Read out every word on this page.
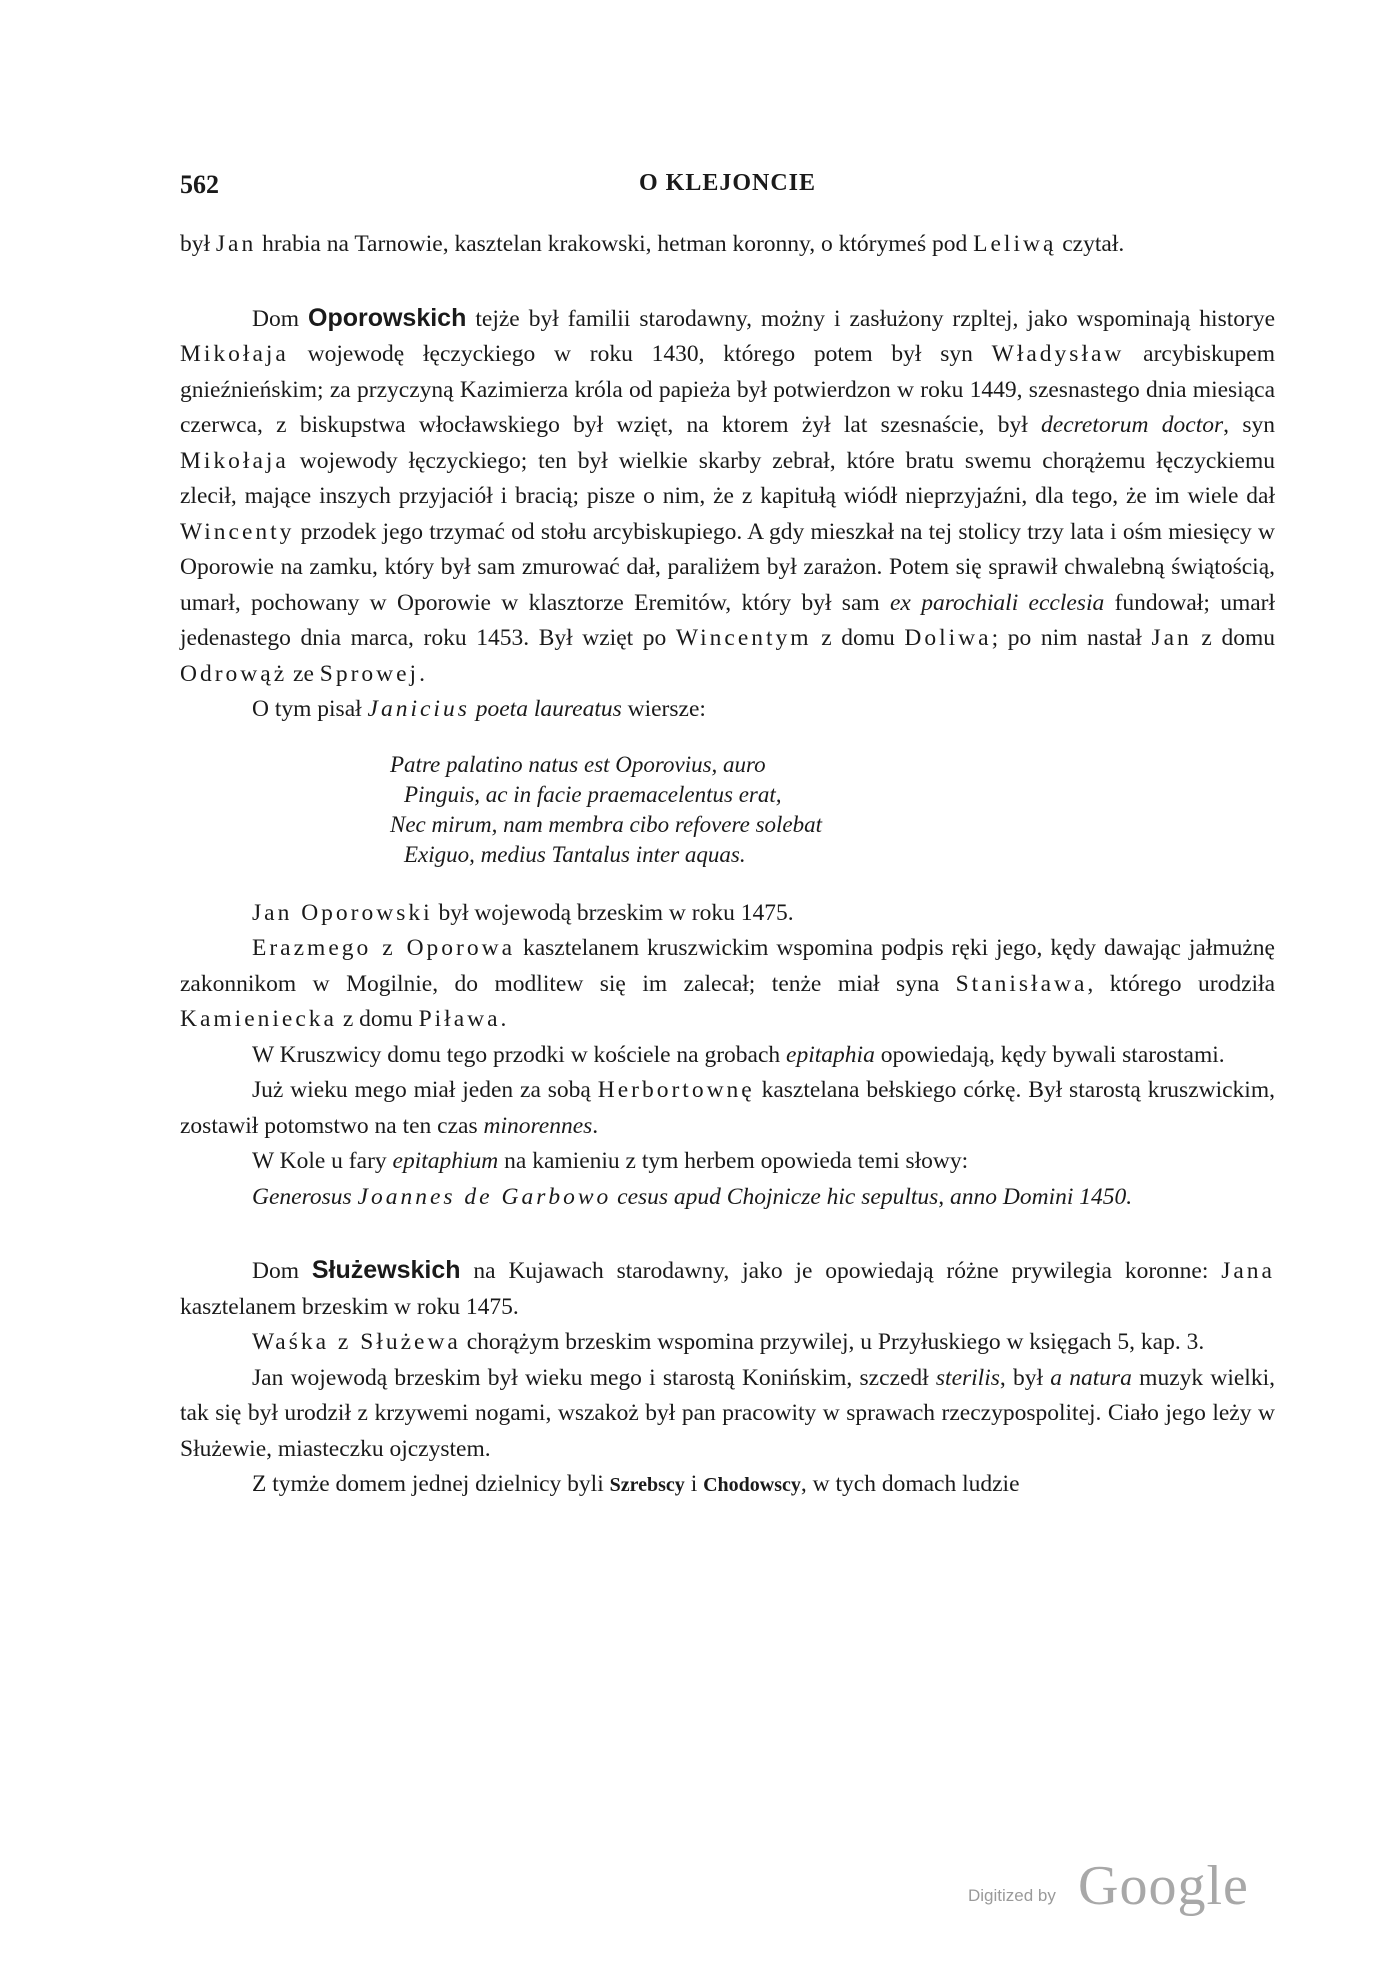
562	O KLEJONCIE

był Jan hrabia na Tarnowie, kasztelan krakowski, hetman koronny, o którymeś pod Leliwą czytał.

Dom Oporowskich tejże był familii starodawny, możny i zasłużony rzpltej, jako wspominają historye Mikołaja wojewodę łęczyckiego w roku 1430, którego potem był syn Władysław arcybiskupem gnieźnieńskim; za przyczyną Kazimierza króla od papieża był potwierdzon w roku 1449, szesnastego dnia miesiąca czerwca, z biskupstwa włocławskiego był wzięt, na ktorem żył lat szesnaście, był decretorum doctor, syn Mikołaja wojewody łęczyckiego; ten był wielkie skarby zebrał, które bratu swemu chorążemu łęczyckiemu zlecił, mające inszych przyjaciół i bracią; pisze o nim, że z kapitułą wiódł nieprzyjaźni, dla tego, że im wiele dał Wincenty przodek jego trzymać od stołu arcybiskupiego. A gdy mieszkał na tej stolicy trzy lata i ośm miesięcy w Oporowie na zamku, który był sam zmurować dał, paraliżem był zarażon. Potem się sprawił chwalebną świątością, umarł, pochowany w Oporowie w klasztorze Eremitów, który był sam ex parochiali ecclesia fundował; umarł jedenastego dnia marca, roku 1453. Był wzięt po Wincentym z domu Doliwa; po nim nastał Jan z domu Odrowąż ze Sprowej.

O tym pisał Janicius poeta laureatus wiersze:

Patre palatino natus est Oporovius, auro
Pinguis, ac in facie praemacelentus erat,
Nec mirum, nam membra cibo refovere solebat
Exiguo, medius Tantalus inter aquas.

Jan Oporowski był wojewodą brzeskim w roku 1475.

Erazmego z Oporowa kasztelanem kruszwickim wspomina podpis ręki jego, kędy dawając jałmużnę zakonnikom w Mogilnie, do modlitew się im zalecał; tenże miał syna Stanisława, którego urodziła Kamieniecka z domu Piława.

W Kruszwicy domu tego przodki w kościele na grobach epitaphia opowiedają, kędy bywali starostami.

Już wieku mego miał jeden za sobą Herbortownę kasztelana bełskiego córkę. Był starostą kruszwickim, zostawił potomstwo na ten czas minorennes.

W Kole u fary epitaphium na kamieniu z tym herbem opowieda temi słowy:

Generosus Joannes de Garbowo cesus apud Chojnicze hic sepultus, anno Domini 1450.

Dom Służewskich na Kujawach starodawny, jako je opowiedają różne prywilegia koronne: Jana kasztelanem brzeskim w roku 1475.

Waśka z Służewa chorążym brzeskim wspomina przywilej, u Przyłuskiego w księgach 5, kap. 3.

Jan wojewodą brzeskim był wieku mego i starostą Konińskim, szczedł sterilis, był a natura muzyk wielki, tak się był urodził z krzywemi nogami, wszakoż był pan pracowity w sprawach rzeczypospolitej. Ciało jego leży w Służewie, miasteczku ojczystem.

Z tymże domem jednej dzielnicy byli Szrebscy i Chodowscy, w tych domach ludzie

Digitized by Google
